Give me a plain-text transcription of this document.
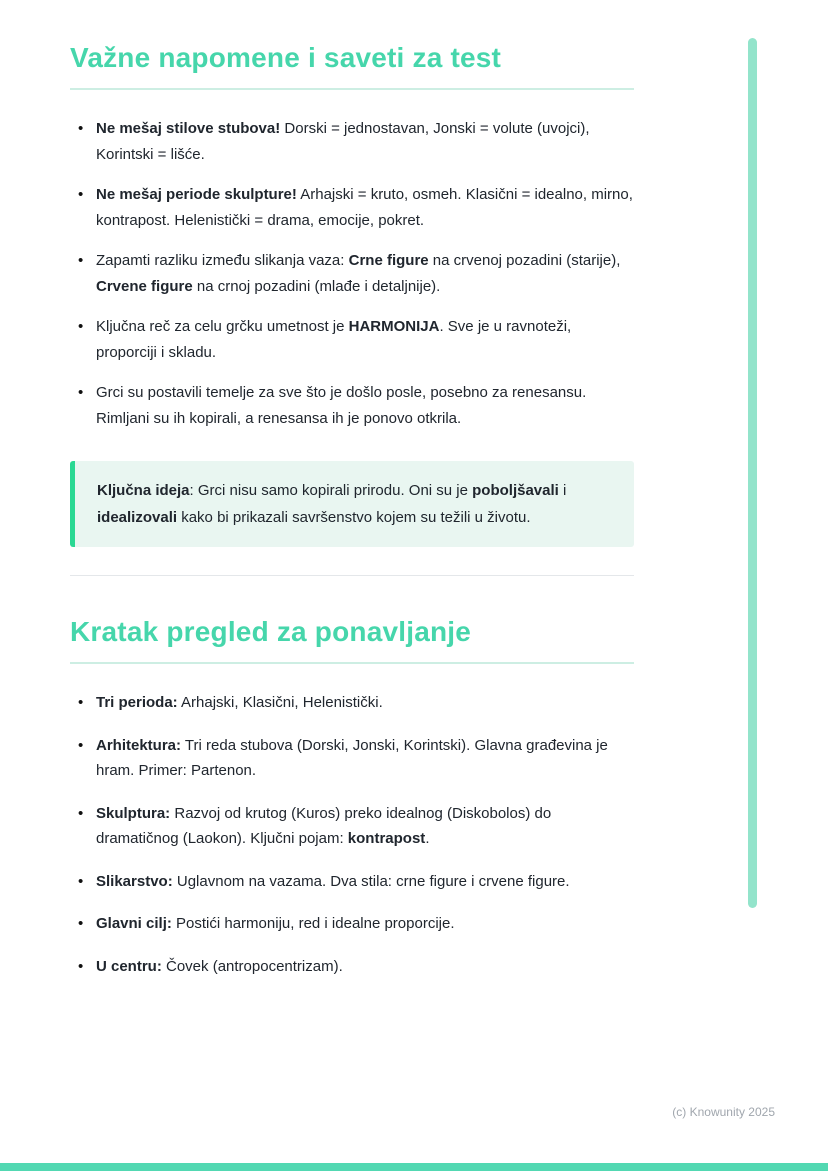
Važne napomene i saveti za test
• Ne mešaj stilove stubova! Dorski = jednostavan, Jonski = volute (uvojci), Korintski = lišće.
• Ne mešaj periode skulpture! Arhajski = kruto, osmeh. Klasični = idealno, mirno, kontrapost. Helenistički = drama, emocije, pokret.
• Zapamti razliku između slikanja vaza: Crne figure na crvenoj pozadini (starije), Crvene figure na crnoj pozadini (mlađe i detaljnije).
• Ključna reč za celu grčku umetnost je HARMONIJA. Sve je u ravnoteži, proporciji i skladu.
• Grci su postavili temelje za sve što je došlo posle, posebno za renesansu. Rimljani su ih kopirali, a renesansa ih je ponovo otkrila.

Ključna ideja: Grci nisu samo kopirali prirodu. Oni su je poboljšavali i idealizovali kako bi prikazali savršenstvo kojem su težili u životu.

Kratak pregled za ponavljanje
• Tri perioda: Arhajski, Klasični, Helenistički.
• Arhitektura: Tri reda stubova (Dorski, Jonski, Korintski). Glavna građevina je hram. Primer: Partenon.
• Skulptura: Razvoj od krutog (Kuros) preko idealnog (Diskobolos) do dramatičnog (Laokon). Ključni pojam: kontrapost.
• Slikarstvo: Uglavnom na vazama. Dva stila: crne figure i crvene figure.
• Glavni cilj: Postići harmoniju, red i idealne proporcije.
• U centru: Čovek (antropocentrizam).
(c) Knowunity 2025
